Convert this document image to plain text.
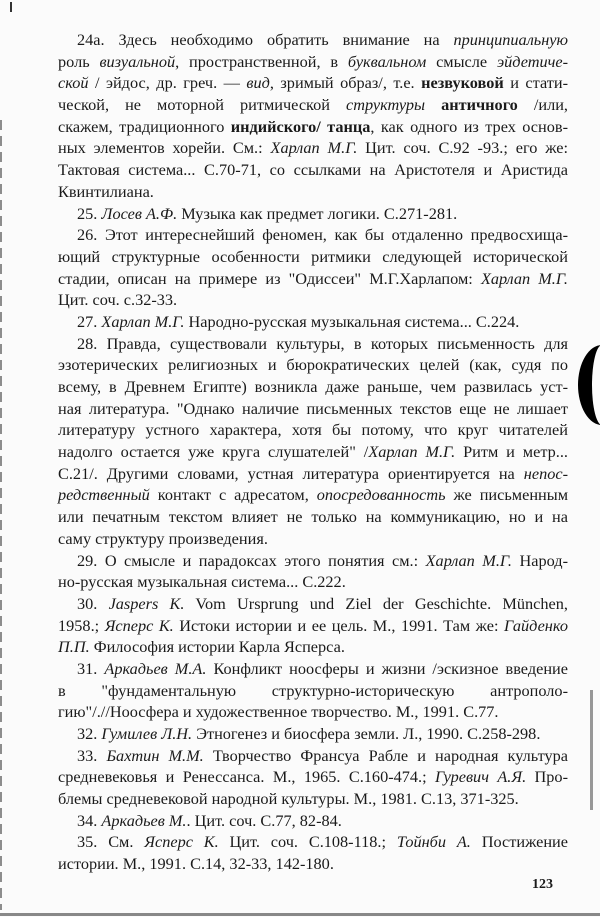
24а. Здесь необходимо обратить внимание на принципиальную
роль визуальной, пространственной, в буквальном смысле эйдетиче-
ской / эйдос, др. греч. — вид, зримый образ/, т.е. незвуковой и стати-
ческой, не моторной ритмической структуры античного /или,
скажем, традиционного индийского/ танца, как одного из трех основ-
ных элементов хорейи. См.: Харлап М.Г. Цит. соч. С.92 -93.; его же:
Тактовая система... С.70-71, со ссылками на Аристотеля и Аристида
Квинтилиана.
25. Лосев А.Ф. Музыка как предмет логики. С.271-281.
26. Этот интереснейший феномен, как бы отдаленно предвосхища-
ющий структурные особенности ритмики следующей исторической
стадии, описан на примере из "Одиссеи" М.Г.Харлапом: Харлап М.Г.
Цит. соч. с.32-33.
27. Харлап М.Г. Народно-русская музыкальная система... С.224.
28. Правда, существовали культуры, в которых письменность для
эзотерических религиозных и бюрократических целей (как, судя по
всему, в Древнем Египте) возникла даже раньше, чем развилась уст-
ная литература. "Однако наличие письменных текстов еще не лишает
литературу устного характера, хотя бы потому, что круг читателей
надолго остается уже круга слушателей" /Харлап М.Г. Ритм и метр...
С.21/. Другими словами, устная литература ориентируется на непос-
редственный контакт с адресатом, опосредованность же письменным
или печатным текстом влияет не только на коммуникацию, но и на
саму структуру произведения.
29. О смысле и парадоксах этого понятия см.: Харлап М.Г. Народ-
но-русская музыкальная система... С.222.
30. Jaspers K. Vom Ursprung und Ziel der Geschichte. München,
1958.; Ясперс К. Истоки истории и ее цель. М., 1991. Там же: Гайденко
П.П. Философия истории Карла Ясперса.
31. Аркадьев М.А. Конфликт ноосферы и жизни /эскизное введение
в "фундаментальную структурно-историческую антрополо-
гию"/.//Ноосфера и художественное творчество. М., 1991. С.77.
32. Гумилев Л.Н. Этногенез и биосфера земли. Л., 1990. С.258-298.
33. Бахтин М.М. Творчество Франсуа Рабле и народная культура
средневековья и Ренессанса. М., 1965. С.160-474.; Гуревич А.Я. Про-
блемы средневековой народной культуры. М., 1981. С.13, 371-325.
34. Аркадьев М.. Цит. соч. С.77, 82-84.
35. См. Ясперс К. Цит. соч. С.108-118.; Тойнби А. Постижение
истории. М., 1991. С.14, 32-33, 142-180.
123
